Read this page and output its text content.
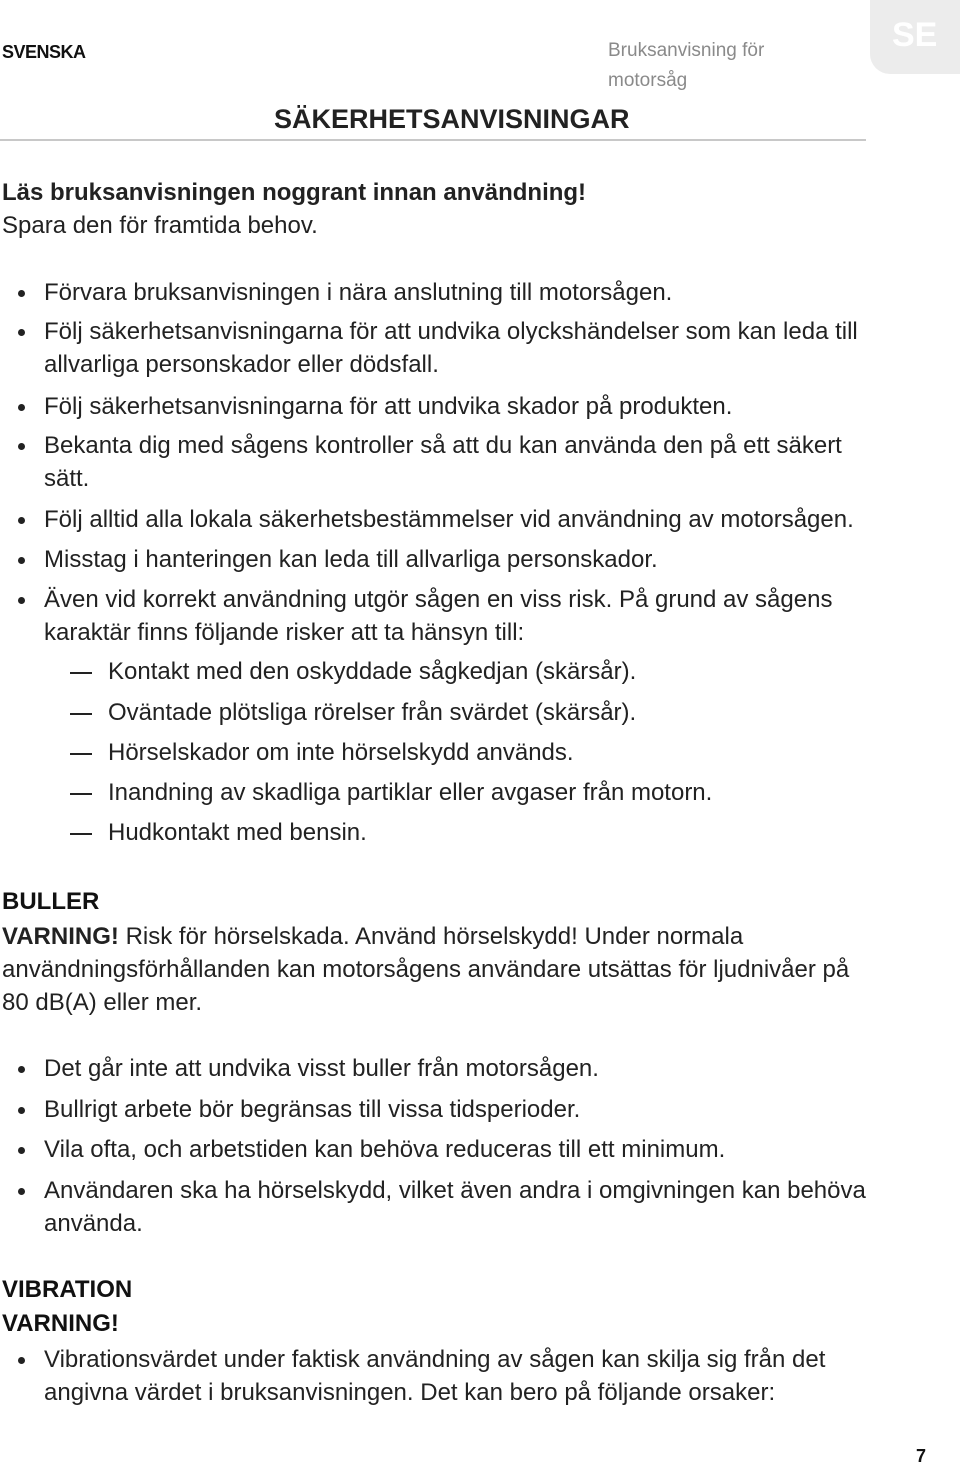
SVENSKA	Bruksanvisning för motorsåg
SE
SÄKERHETSANVISNINGAR
Läs bruksanvisningen noggrant innan användning!
Spara den för framtida behov.
Förvara bruksanvisningen i nära anslutning till motorsågen.
Följ säkerhetsanvisningarna för att undvika olyckshändelser som kan leda till allvarliga personskador eller dödsfall.
Följ säkerhetsanvisningarna för att undvika skador på produkten.
Bekanta dig med sågens kontroller så att du kan använda den på ett säkert sätt.
Följ alltid alla lokala säkerhetsbestämmelser vid användning av motorsågen.
Misstag i hanteringen kan leda till allvarliga personskador.
Även vid korrekt användning utgör sågen en viss risk. På grund av sågens karaktär finns följande risker att ta hänsyn till:
Kontakt med den oskyddade sågkedjan (skärsår).
Oväntade plötsliga rörelser från svärdet (skärsår).
Hörselskador om inte hörselskydd används.
Inandning av skadliga partiklar eller avgaser från motorn.
Hudkontakt med bensin.
BULLER
VARNING! Risk för hörselskada. Använd hörselskydd! Under normala användningsförhållanden kan motorsågens användare utsättas för ljudnivåer på 80 dB(A) eller mer.
Det går inte att undvika visst buller från motorsågen.
Bullrigt arbete bör begränsas till vissa tidsperioder.
Vila ofta, och arbetstiden kan behöva reduceras till ett minimum.
Användaren ska ha hörselskydd, vilket även andra i omgivningen kan behöva använda.
VIBRATION
VARNING!
Vibrationsvärdet under faktisk användning av sågen kan skilja sig från det angivna värdet i bruksanvisningen. Det kan bero på följande orsaker:
7
